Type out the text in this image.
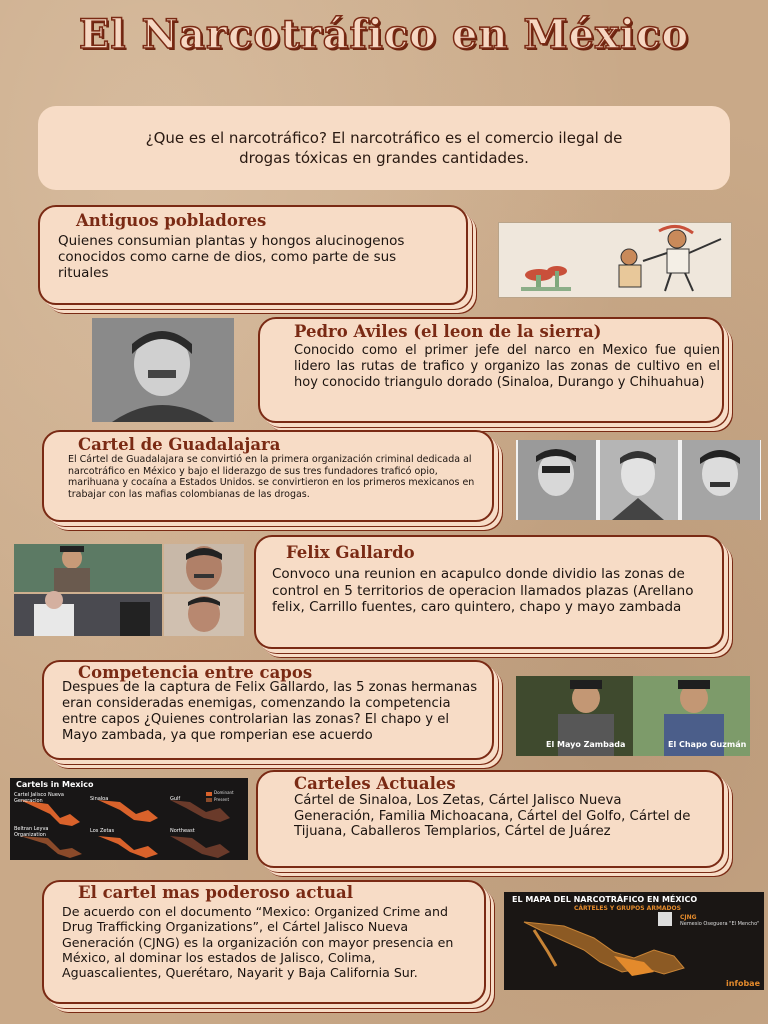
El Narcotráfico en México
¿Que es el narcotráfico? El narcotráfico es el comercio ilegal de drogas tóxicas en grandes cantidades.
Antiguos pobladores

Quienes consumian plantas y hongos alucinogenos conocidos como carne de dios, como parte de sus rituales

Pedro Aviles (el leon de la sierra)

Conocido como el primer jefe del narco en Mexico fue quien lidero las rutas de trafico y organizo las zonas de cultivo en el hoy conocido triangulo dorado (Sinaloa, Durango y Chihuahua)

Cartel de Guadalajara

El Cártel de Guadalajara se convirtió en la primera organización criminal dedicada al narcotráfico en México y bajo el liderazgo de sus tres fundadores traficó opio, marihuana y cocaína a Estados Unidos. se convirtieron en los primeros mexicanos en trabajar con las mafias colombianas de las drogas.

Felix Gallardo

Convoco una reunion en acapulco donde dividio las zonas de control en 5 territorios de operacion llamados plazas (Arellano felix, Carrillo fuentes, caro quintero, chapo y mayo zambada

Competencia entre capos

Despues de la captura de Felix Gallardo, las 5 zonas hermanas eran consideradas enemigas, comenzando la competencia entre capos ¿Quienes controlarian las zonas? El chapo y el Mayo zambada, ya que romperian ese acuerdo

El Mayo Zambada	El Chapo Guzmán
Cartels in Mexico
Dominant
Present
Cartel Jalisco Nueva Generacion	Sinaloa	Gulf
Beltran Leyva Organization
Los Zetas	Northeast
Carteles Actuales

Cártel de Sinaloa, Los Zetas, Cártel Jalisco Nueva Generación, Familia Michoacana, Cártel del Golfo, Cártel de Tijuana, Caballeros Templarios, Cártel de Juárez

El cartel mas poderoso actual

De acuerdo con el documento “Mexico: Organized Crime and Drug Trafficking Organizations”, el Cártel Jalisco Nueva Generación (CJNG) es la organización con mayor presencia en México, al dominar los estados de Jalisco, Colima, Aguascalientes, Querétaro, Nayarit y Baja California Sur.

EL MAPA DEL NARCOTRÁFICO EN MÉXICO
CÁRTELES Y GRUPOS ARMADOS
CJNG
Nemesio Oseguera "El Mencho"
infobae
